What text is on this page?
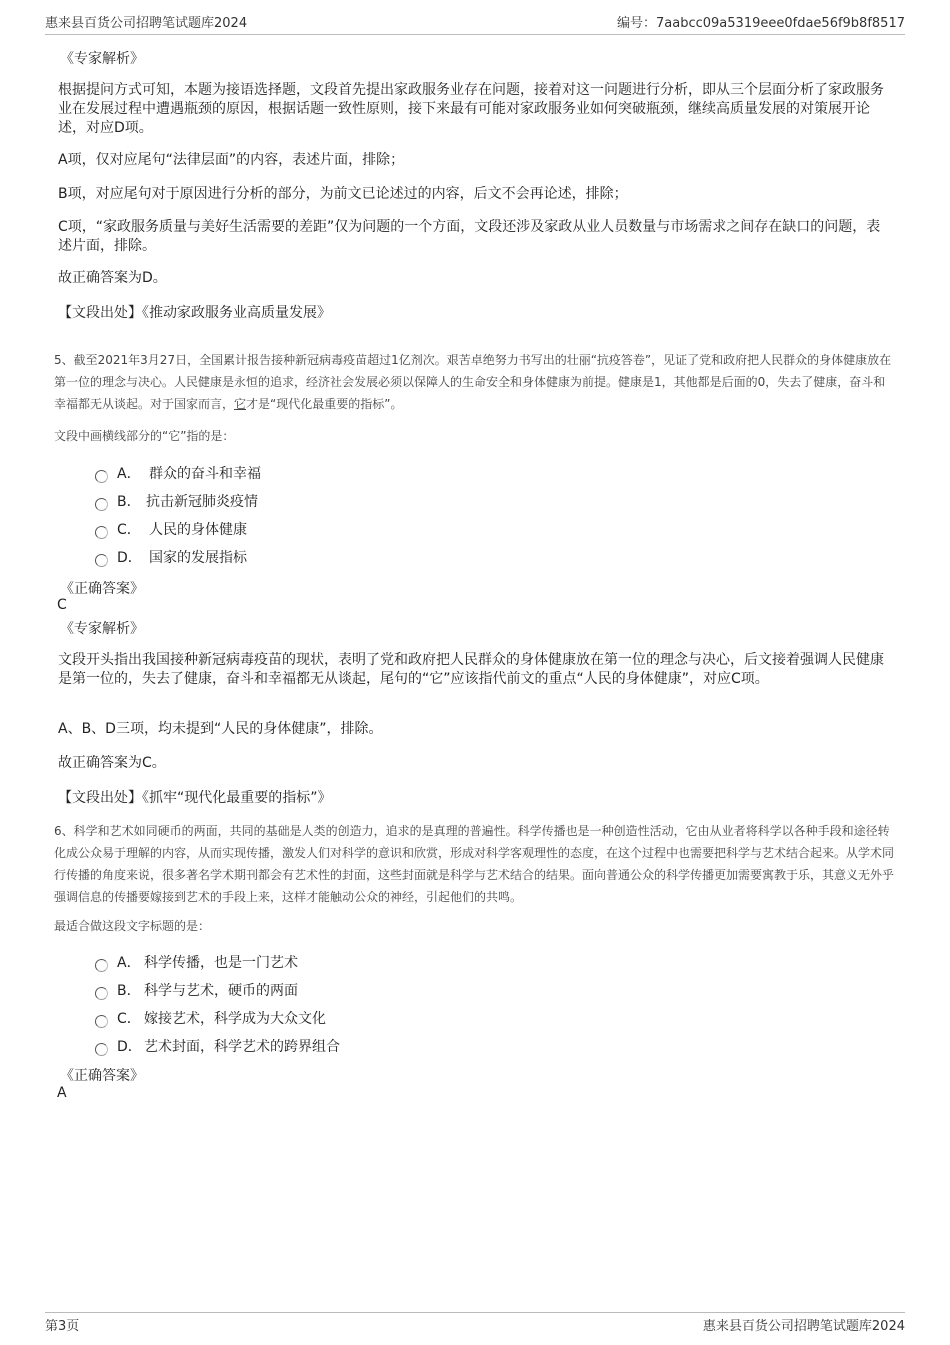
惠来县百货公司招聘笔试题库2024	编号：7aabcc09a5319eee0fdae56f9b8f8517
《专家解析》
根据提问方式可知，本题为接语选择题，文段首先提出家政服务业存在问题，接着对这一问题进行分析，即从三个层面分析了家政服务业在发展过程中遭遇瓶颈的原因，根据话题一致性原则，接下来最有可能对家政服务业如何突破瓶颈，继续高质量发展的对策展开论述，对应D项。
A项，仅对应尾句“法律层面”的内容，表述片面，排除；
B项，对应尾句对于原因进行分析的部分，为前文已论述过的内容，后文不会再论述，排除；
C项，“家政服务质量与美好生活需要的差距”仅为问题的一个方面，文段还涉及家政从业人员数量与市场需求之间存在缺口的问题，表述片面，排除。
故正确答案为D。
【文段出处】《推动家政服务业高质量发展》
5、截至2021年3月27日，全国累计报告接种新冠病毒疫苗超过1亿剂次。艰苦卓绝努力书写出的壮丽“抗疫答卷”，见证了党和政府把人民群众的身体健康放在第一位的理念与决心。人民健康是永恒的追求，经济社会发展必须以保障人的生命安全和身体健康为前提。健康是1，其他都是后面的0，失去了健康，奋斗和幸福都无从谈起。对于国家而言，它才是“现代化最重要的指标”。
文段中画横线部分的“它”指的是：
A． 群众的奋斗和幸福
B． 抗击新冠肺炎疫情
C． 人民的身体健康
D． 国家的发展指标
《正确答案》
C
《专家解析》
文段开头指出我国接种新冠病毒疫苗的现状，表明了党和政府把人民群众的身体健康放在第一位的理念与决心，后文接着强调人民健康是第一位的，失去了健康，奋斗和幸福都无从谈起，尾句的“它”应该指代前文的重点“人民的身体健康”，对应C项。
A、B、D三项，均未提到“人民的身体健康”，排除。
故正确答案为C。
【文段出处】《抓牢“现代化最重要的指标”》
6、科学和艺术如同硬币的两面，共同的基础是人类的创造力，追求的是真理的普遍性。科学传播也是一种创造性活动，它由从业者将科学以各种手段和途径转化成公众易于理解的内容，从而实现传播，激发人们对科学的意识和欣赏，形成对科学客观理性的态度，在这个过程中也需要把科学与艺术结合起来。从学术同行传播的角度来说，很多著名学术期刊都会有艺术性的封面，这些封面就是科学与艺术结合的结果。面向普通公众的科学传播更加需要寓教于乐，其意义无外乎强调信息的传播要嫁接到艺术的手段上来，这样才能触动公众的神经，引起他们的共鸣。
最适合做这段文字标题的是：
A． 科学传播，也是一门艺术
B． 科学与艺术，硬币的两面
C． 嫁接艺术，科学成为大众文化
D． 艺术封面，科学艺术的跨界组合
《正确答案》
A
第3页	惠来县百货公司招聘笔试题库2024
